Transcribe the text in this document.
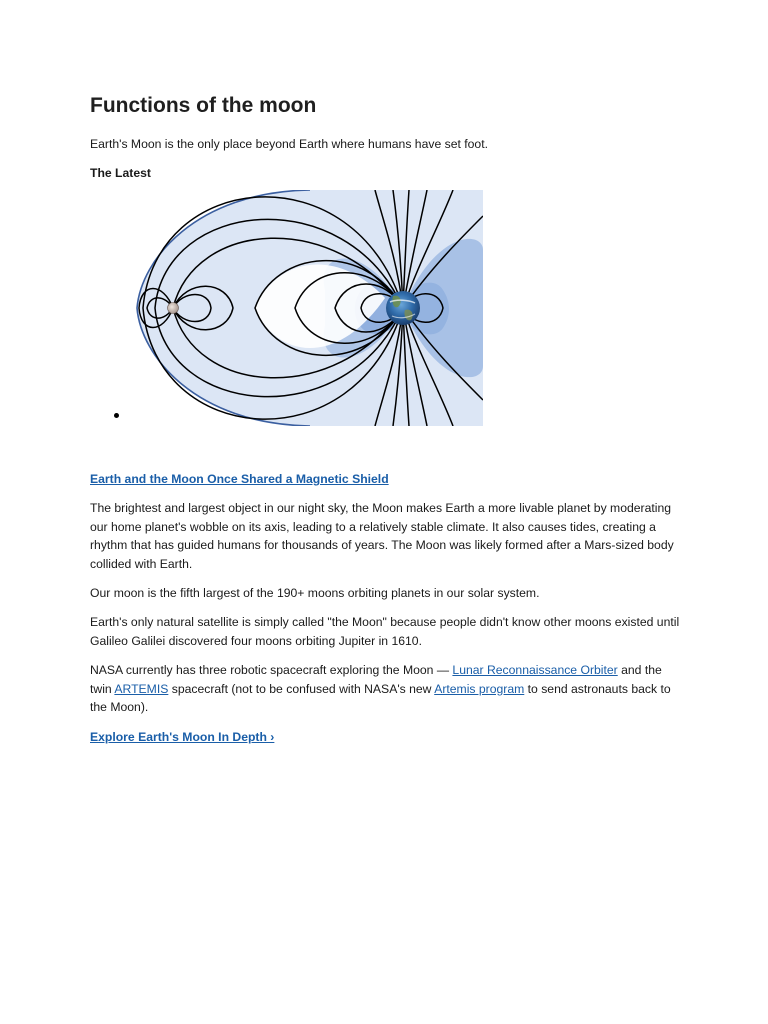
Functions of the moon

Earth's Moon is the only place beyond Earth where humans have set foot.

The Latest

Earth and the Moon Once Shared a Magnetic Shield

The brightest and largest object in our night sky, the Moon makes Earth a more livable planet by moderating our home planet's wobble on its axis, leading to a relatively stable climate. It also causes tides, creating a rhythm that has guided humans for thousands of years. The Moon was likely formed after a Mars-sized body collided with Earth.

Our moon is the fifth largest of the 190+ moons orbiting planets in our solar system.

Earth's only natural satellite is simply called "the Moon" because people didn't know other moons existed until Galileo Galilei discovered four moons orbiting Jupiter in 1610.

NASA currently has three robotic spacecraft exploring the Moon — Lunar Reconnaissance Orbiter and the twin ARTEMIS spacecraft (not to be confused with NASA's new Artemis program to send astronauts back to the Moon).

Explore Earth's Moon In Depth ›
